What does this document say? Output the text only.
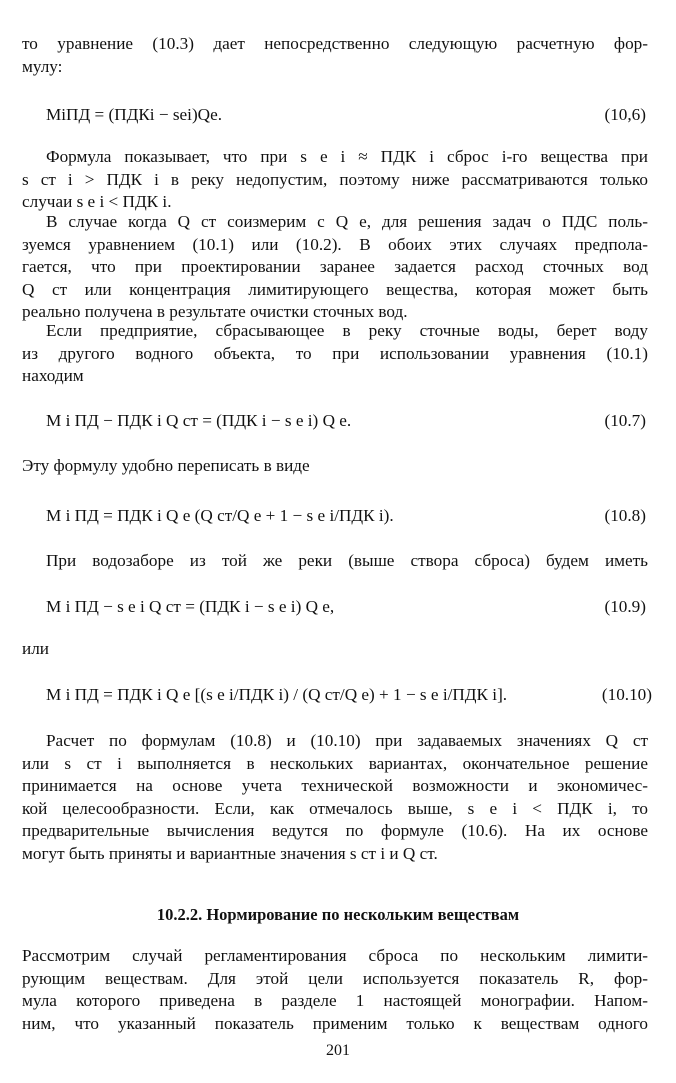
то уравнение (10.3) дает непосредственно следующую расчетную фор-
мулу:
MіПД = (ПДКі − sеі)Qе.	(10,6)
Формула показывает, что при s e i ≈ ПДК i сброс i-го вещества при
s ст i > ПДК i в реку недопустим, поэтому ниже рассматриваются только
случаи s e i < ПДК i.
В случае когда Q ст соизмерим с Q е, для решения задач о ПДС поль-
зуемся уравнением (10.1) или (10.2). В обоих этих случаях предпола-
гается, что при проектировании заранее задается расход сточных вод
Q ст или концентрация лимитирующего вещества, которая может быть
реально получена в результате очистки сточных вод.
Если предприятие, сбрасывающее в реку сточные воды, берет воду
из другого водного объекта, то при использовании уравнения (10.1)
находим
M i ПД − ПДК i Q ст = (ПДК i − s e i) Q е.	(10.7)
Эту формулу удобно переписать в виде
M i ПД = ПДК i Q е (Q ст/Q е + 1 − s e i/ПДК i).	(10.8)
При водозаборе из той же реки (выше створа сброса) будем иметь
M i ПД − s e i Q ст = (ПДК i − s e i) Q е,	(10.9)
или
M i ПД = ПДК i Q е [(s e i/ПДК i) / (Q ст/Q е) + 1 − s e i/ПДК i].	(10.10)
Расчет по формулам (10.8) и (10.10) при задаваемых значениях Q ст
или s ст i выполняется в нескольких вариантах, окончательное решение
принимается на основе учета технической возможности и экономичес-
кой целесообразности. Если, как отмечалось выше, s e i < ПДК i, то
предварительные вычисления ведутся по формуле (10.6). На их основе
могут быть приняты и вариантные значения s ст i и Q ст.
10.2.2. Нормирование по нескольким веществам
Рассмотрим случай регламентирования сброса по нескольким лимити-
рующим веществам. Для этой цели используется показатель R, фор-
мула которого приведена в разделе 1 настоящей монографии. Напом-
ним, что указанный показатель применим только к веществам одного
201
